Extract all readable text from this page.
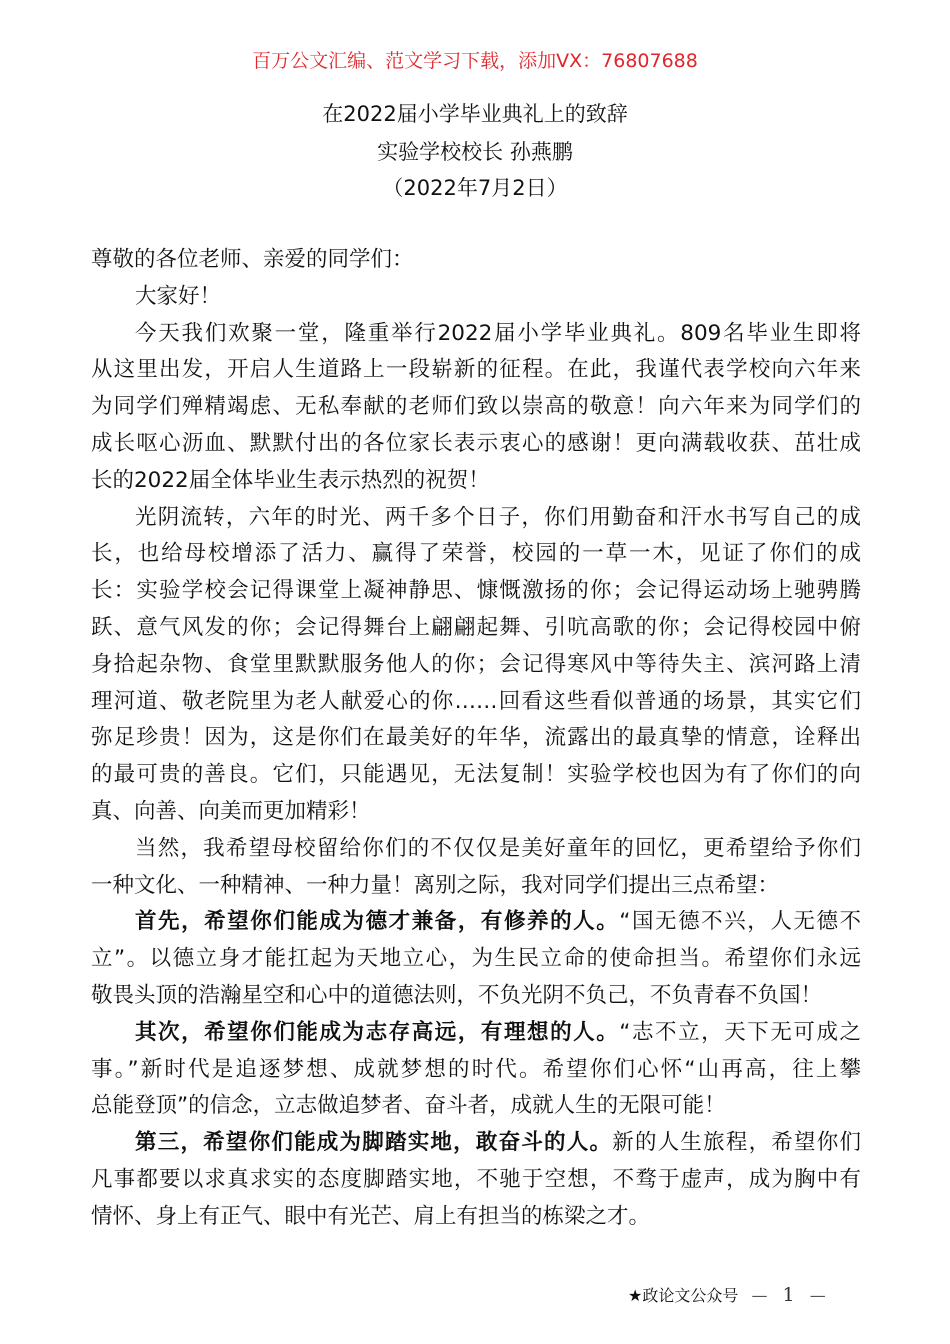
百万公文汇编、范文学习下载，添加VX：76807688
在2022届小学毕业典礼上的致辞
实验学校校长 孙燕鹏
（2022年7月2日）
尊敬的各位老师、亲爱的同学们：
大家好！
今天我们欢聚一堂，隆重举行2022届小学毕业典礼。809名毕业生即将
从这里出发，开启人生道路上一段崭新的征程。在此，我谨代表学校向六年来
为同学们殚精竭虑、无私奉献的老师们致以崇高的敬意！向六年来为同学们的
成长呕心沥血、默默付出的各位家长表示衷心的感谢！更向满载收获、茁壮成
长的2022届全体毕业生表示热烈的祝贺！
光阴流转，六年的时光、两千多个日子，你们用勤奋和汗水书写自己的成
长，也给母校增添了活力、赢得了荣誉，校园的一草一木，见证了你们的成
长：实验学校会记得课堂上凝神静思、慷慨激扬的你；会记得运动场上驰骋腾
跃、意气风发的你；会记得舞台上翩翩起舞、引吭高歌的你；会记得校园中俯
身拾起杂物、食堂里默默服务他人的你；会记得寒风中等待失主、滨河路上清
理河道、敬老院里为老人献爱心的你……回看这些看似普通的场景，其实它们
弥足珍贵！因为，这是你们在最美好的年华，流露出的最真挚的情意，诠释出
的最可贵的善良。它们，只能遇见，无法复制！实验学校也因为有了你们的向
真、向善、向美而更加精彩！
当然，我希望母校留给你们的不仅仅是美好童年的回忆，更希望给予你们
一种文化、一种精神、一种力量！离别之际，我对同学们提出三点希望：
首先，希望你们能成为德才兼备，有修养的人。“国无德不兴，人无德不
立”。以德立身才能扛起为天地立心，为生民立命的使命担当。希望你们永远
敬畏头顶的浩瀚星空和心中的道德法则，不负光阴不负己，不负青春不负国！
其次，希望你们能成为志存高远，有理想的人。“志不立，天下无可成之
事。”新时代是追逐梦想、成就梦想的时代。希望你们心怀“山再高，往上攀
总能登顶”的信念，立志做追梦者、奋斗者，成就人生的无限可能！
第三，希望你们能成为脚踏实地，敢奋斗的人。新的人生旅程，希望你们
凡事都要以求真求实的态度脚踏实地，不驰于空想，不骛于虚声，成为胸中有
情怀、身上有正气、眼中有光芒、肩上有担当的栋梁之才。
★政论文公众号 — 1 —
